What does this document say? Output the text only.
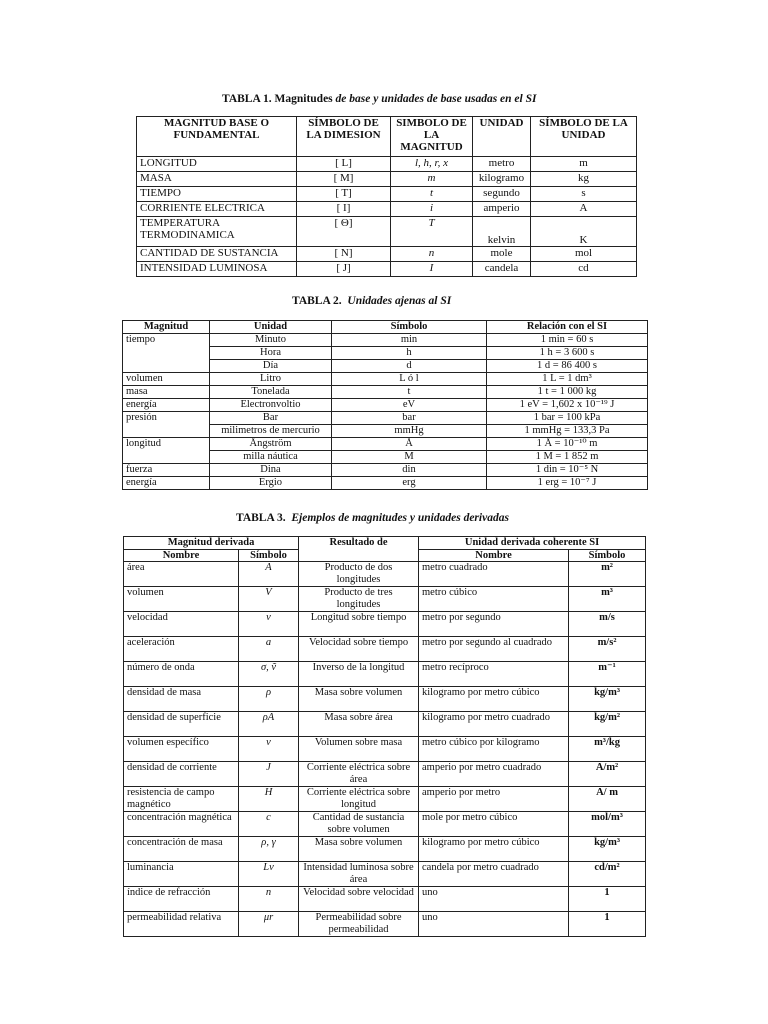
TABLA 1. Magnitudes de base y unidades de base usadas en el SI
MAGNITUD BASE O FUNDAMENTAL	SÍMBOLO DE LA DIMESION	SIMBOLO DE LA MAGNITUD	UNIDAD	SÍMBOLO DE LA UNIDAD
LONGITUD	[ L]	l, h, r, x	metro	m
MASA	[ M]	m	kilogramo	kg
TIEMPO	[ T]	t	segundo	s
CORRIENTE ELECTRICA	[ I]	i	amperio	A
TEMPERATURA TERMODINAMICA	[ Θ]	T	kelvin	K
CANTIDAD DE SUSTANCIA	[ N]	n	mole	mol
INTENSIDAD LUMINOSA	[ J]	I	candela	cd
TABLA 2. Unidades ajenas al SI
Magnitud	Unidad	Símbolo	Relación con el SI
tiempo	Minuto	min	1 min = 60 s
	Hora	h	1 h = 3 600 s
	Día	d	1 d = 86 400 s
volumen	Litro	L ó l	1 L = 1 dm³
masa	Tonelada	t	1 t = 1 000 kg
energía	Electronvoltio	eV	1 eV = 1,602 x 10⁻¹⁹ J
presión	Bar	bar	1 bar = 100 kPa
	milimetros de mercurio	mmHg	1 mmHg = 133,3 Pa
longitud	Ångström	Å	1 Å = 10⁻¹⁰ m
	milla náutica	M	1 M = 1 852 m
fuerza	Dina	din	1 din = 10⁻⁵ N
energía	Ergio	erg	1 erg = 10⁻⁷ J
TABLA 3. Ejemplos de magnitudes y unidades derivadas
Magnitud derivada		Resultado de	Unidad derivada coherente SI	
Nombre	Símbolo		Nombre	Símbolo
área	A	Producto de dos longitudes	metro cuadrado	m²
volumen	V	Producto de tres longitudes	metro cúbico	m³
velocidad	v	Longitud sobre tiempo	metro por segundo	m/s
aceleración	a	Velocidad sobre tiempo	metro por segundo al cuadrado	m/s²
número de onda	σ, ṽ	Inverso de la longitud	metro recíproco	m⁻¹
densidad de masa	ρ	Masa sobre volumen	kilogramo por metro cúbico	kg/m³
densidad de superficie	ρA	Masa sobre área	kilogramo por metro cuadrado	kg/m²
volumen específico	v	Volumen sobre masa	metro cúbico por kilogramo	m³/kg
densidad de corriente	J	Corriente eléctrica sobre área	amperio por metro cuadrado	A/m²
resistencia de campo magnético	H	Corriente eléctrica sobre longitud	amperio por metro	A/ m
concentración magnética	c	Cantidad de sustancia sobre volumen	mole por metro cúbico	mol/m³
concentración de masa	ρ, γ	Masa sobre volumen	kilogramo por metro cúbico	kg/m³
luminancia	Lv	Intensidad luminosa sobre área	candela por metro cuadrado	cd/m²
índice de refracción	n	Velocidad sobre velocidad	uno	1
permeabilidad relativa	μr	Permeabilidad sobre permeabilidad	uno	1
